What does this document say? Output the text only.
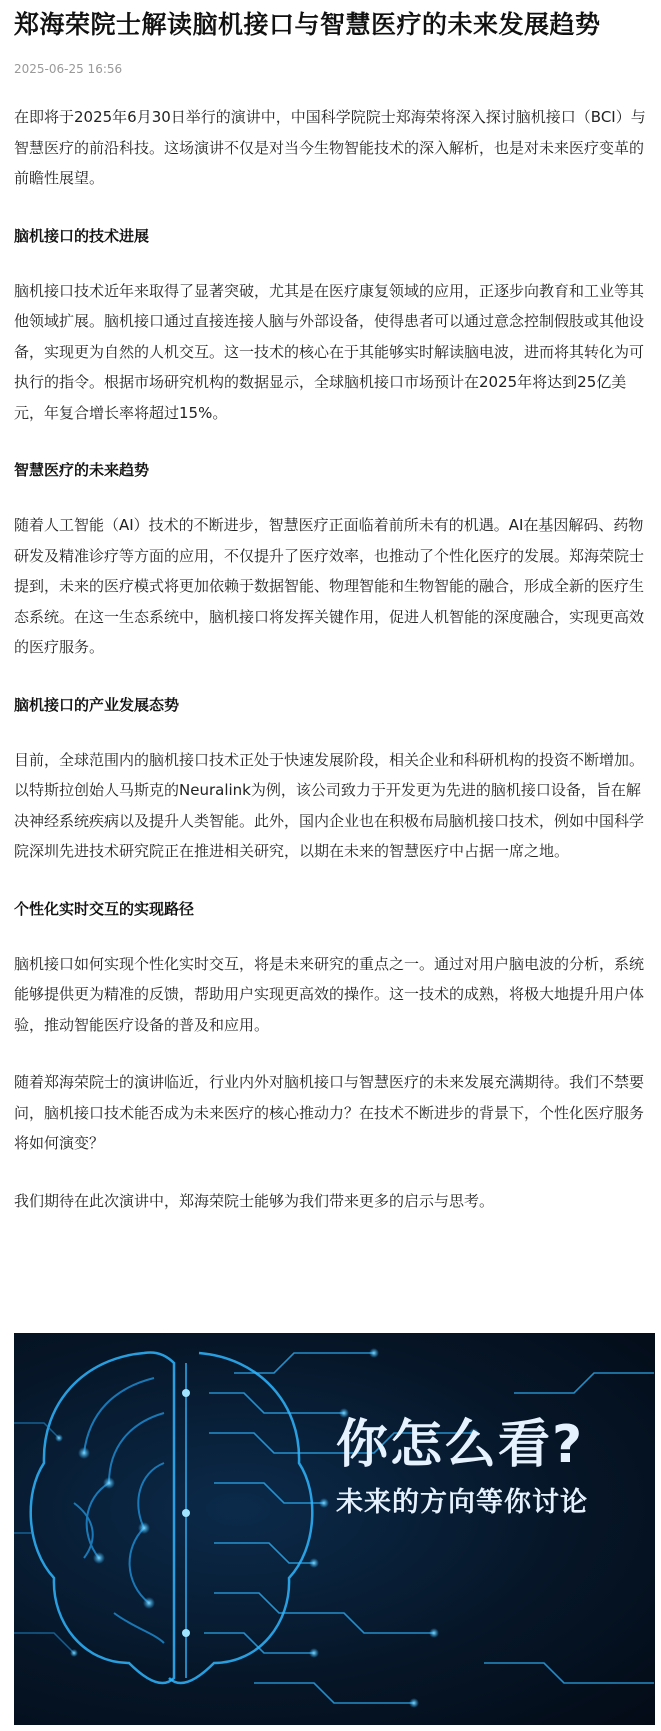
郑海荣院士解读脑机接口与智慧医疗的未来发展趋势
2025-06-25 16:56

在即将于2025年6月30日举行的演讲中，中国科学院院士郑海荣将深入探讨脑机接口（BCI）与智慧医疗的前沿科技。这场演讲不仅是对当今生物智能技术的深入解析，也是对未来医疗变革的前瞻性展望。

脑机接口的技术进展

脑机接口技术近年来取得了显著突破，尤其是在医疗康复领域的应用，正逐步向教育和工业等其他领域扩展。脑机接口通过直接连接人脑与外部设备，使得患者可以通过意念控制假肢或其他设备，实现更为自然的人机交互。这一技术的核心在于其能够实时解读脑电波，进而将其转化为可执行的指令。根据市场研究机构的数据显示，全球脑机接口市场预计在2025年将达到25亿美元，年复合增长率将超过15%。

智慧医疗的未来趋势

随着人工智能（AI）技术的不断进步，智慧医疗正面临着前所未有的机遇。AI在基因解码、药物研发及精准诊疗等方面的应用，不仅提升了医疗效率，也推动了个性化医疗的发展。郑海荣院士提到，未来的医疗模式将更加依赖于数据智能、物理智能和生物智能的融合，形成全新的医疗生态系统。在这一生态系统中，脑机接口将发挥关键作用，促进人机智能的深度融合，实现更高效的医疗服务。

脑机接口的产业发展态势

目前，全球范围内的脑机接口技术正处于快速发展阶段，相关企业和科研机构的投资不断增加。以特斯拉创始人马斯克的Neuralink为例，该公司致力于开发更为先进的脑机接口设备，旨在解决神经系统疾病以及提升人类智能。此外，国内企业也在积极布局脑机接口技术，例如中国科学院深圳先进技术研究院正在推进相关研究，以期在未来的智慧医疗中占据一席之地。

个性化实时交互的实现路径

脑机接口如何实现个性化实时交互，将是未来研究的重点之一。通过对用户脑电波的分析，系统能够提供更为精准的反馈，帮助用户实现更高效的操作。这一技术的成熟，将极大地提升用户体验，推动智能医疗设备的普及和应用。

随着郑海荣院士的演讲临近，行业内外对脑机接口与智慧医疗的未来发展充满期待。我们不禁要问，脑机接口技术能否成为未来医疗的核心推动力？在技术不断进步的背景下，个性化医疗服务将如何演变？

我们期待在此次演讲中，郑海荣院士能够为我们带来更多的启示与思考。

你怎么看?
未来的方向等你讨论
